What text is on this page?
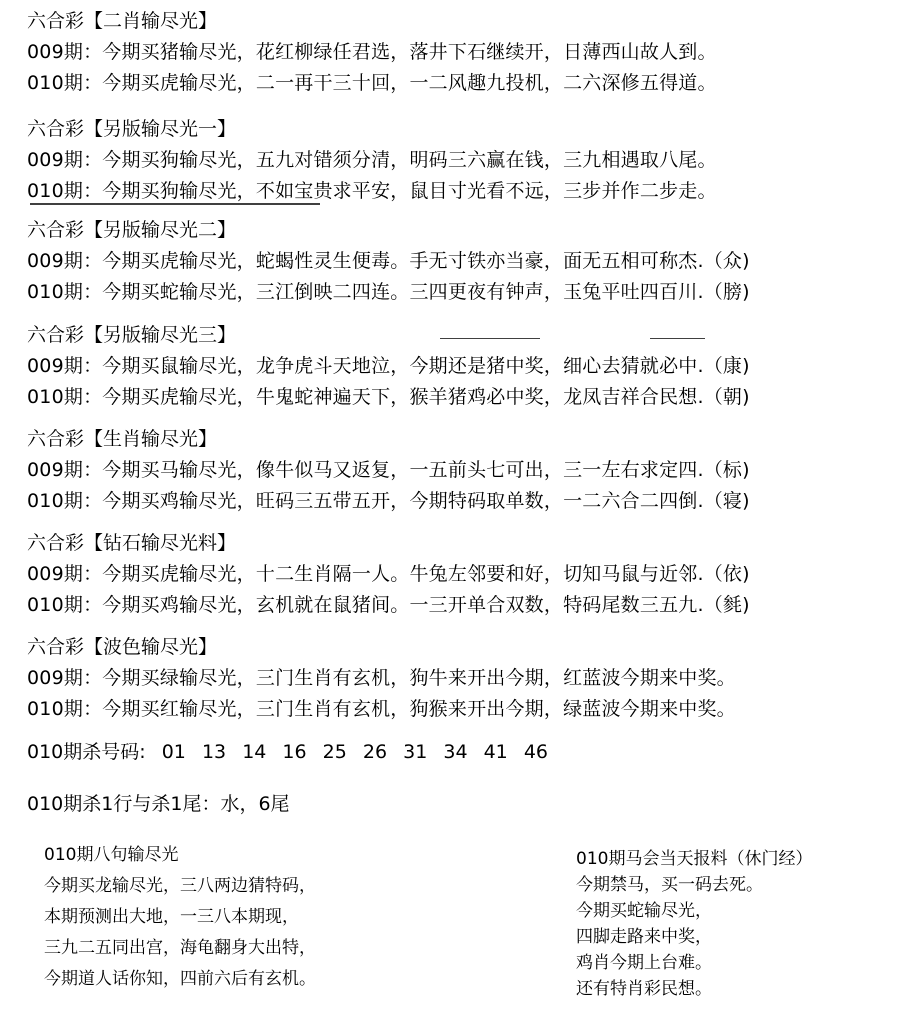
六合彩【二肖输尽光】
009期：今期买猪输尽光，花红柳绿任君选，落井下石继续开，日薄西山故人到。
010期：今期买虎输尽光，二一再干三十回，一二风趣九投机，二六深修五得道。
六合彩【另版输尽光一】
009期：今期买狗输尽光，五九对错须分清，明码三六赢在钱，三九相遇取八尾。
010期：今期买狗输尽光，不如宝贵求平安，鼠目寸光看不远，三步并作二步走。
六合彩【另版输尽光二】
009期：今期买虎输尽光，蛇蝎性灵生便毒。手无寸铁亦当豪，面无五相可称杰.（众)
010期：今期买蛇输尽光，三江倒映二四连。三四更夜有钟声，玉兔平吐四百川.（膀)
六合彩【另版输尽光三】
009期：今期买鼠输尽光，龙争虎斗天地泣，今期还是猪中奖，细心去猜就必中.（康)
010期：今期买虎输尽光，牛鬼蛇神遍天下，猴羊猪鸡必中奖，龙凤吉祥合民想.（朝)
六合彩【生肖输尽光】
009期：今期买马输尽光，像牛似马又返复，一五前头七可出，三一左右求定四.（标)
010期：今期买鸡输尽光，旺码三五带五开，今期特码取单数，一二六合二四倒.（寝)
六合彩【钻石输尽光料】
009期：今期买虎输尽光，十二生肖隔一人。牛兔左邻要和好，切知马鼠与近邻.（依)
010期：今期买鸡输尽光，玄机就在鼠猪间。一三开单合双数，特码尾数三五九.（毵)
六合彩【波色输尽光】
009期：今期买绿输尽光，三门生肖有玄机，狗牛来开出今期，红蓝波今期来中奖。
010期：今期买红输尽光，三门生肖有玄机，狗猴来开出今期，绿蓝波今期来中奖。
010期杀号码: 01 13 14 16 25 26 31 34 41 46
010期杀1行与杀1尾：水，6尾
010期八句输尽光
今期买龙输尽光，三八两边猜特码，
本期预测出大地，一三八本期现，
三九二五同出宫，海龟翻身大出特，
今期道人话你知，四前六后有玄机。
010期马会当天报料（休门经）
今期禁马，买一码去死。
今期买蛇输尽光，
四脚走路来中奖，
鸡肖今期上台难。
还有特肖彩民想。
